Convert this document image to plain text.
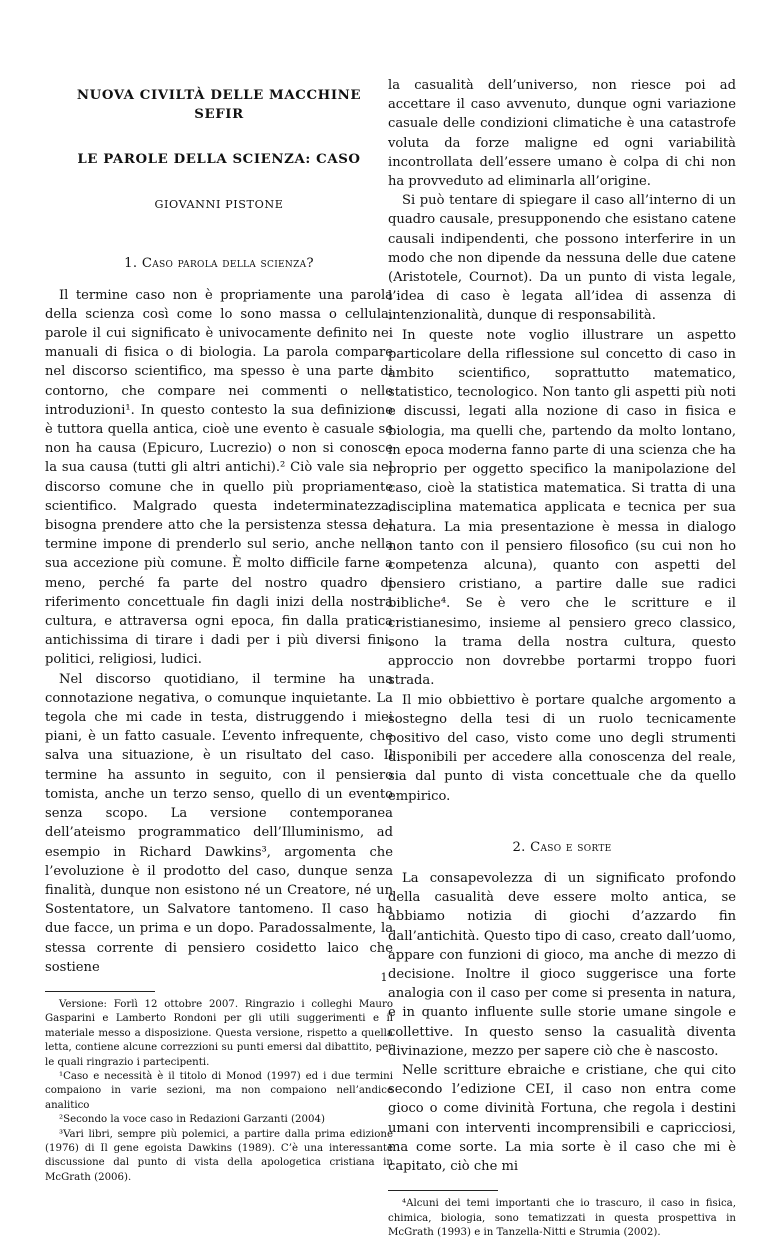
NUOVA CIVILTÀ DELLE MACCHINE
SEFIR
LE PAROLE DELLA SCIENZA: CASO
GIOVANNI PISTONE
1. Caso parola della scienza?

Il termine caso non è propriamente una parola della scienza così come lo sono massa o cellula, parole il cui significato è univocamente definito nei manuali di fisica o di biologia. La parola compare nel discorso scientifico, ma spesso è una parte di contorno, che compare nei commenti o nelle introduzioni¹. In questo contesto la sua definizione è tuttora quella antica, cioè une evento è casuale se non ha causa (Epicuro, Lucrezio) o non si conosce la sua causa (tutti gli altri antichi).² Ciò vale sia nel discorso comune che in quello più propriamente scientifico. Malgrado questa indeterminatezza, bisogna prendere atto che la persistenza stessa del termine impone di prenderlo sul serio, anche nella sua accezione più comune. È molto difficile farne a meno, perché fa parte del nostro quadro di riferimento concettuale fin dagli inizi della nostra cultura, e attraversa ogni epoca, fin dalla pratica antichissima di tirare i dadi per i più diversi fini, politici, religiosi, ludici.

Nel discorso quotidiano, il termine ha una connotazione negativa, o comunque inquietante. La tegola che mi cade in testa, distruggendo i miei piani, è un fatto casuale. L’evento infrequente, che salva una situazione, è un risultato del caso. Il termine ha assunto in seguito, con il pensiero tomista, anche un terzo senso, quello di un evento senza scopo. La versione contemporanea dell’ateismo programmatico dell’Illuminismo, ad esempio in Richard Dawkins³, argomenta che l’evoluzione è il prodotto del caso, dunque senza finalità, dunque non esistono né un Creatore, né un Sostentatore, un Salvatore tantomeno. Il caso ha due facce, un prima e un dopo. Paradossalmente, la stessa corrente di pensiero cosidetto laico che sostiene

Versione: Forlì 12 ottobre 2007. Ringrazio i colleghi Mauro Gasparini e Lamberto Rondoni per gli utili suggerimenti e il materiale messo a disposizione. Questa versione, rispetto a quella letta, contiene alcune correzzioni su punti emersi dal dibattito, per le quali ringrazio i partecipenti.

¹Caso e necessità è il titolo di Monod (1997) ed i due termini compaiono in varie sezioni, ma non compaiono nell’andice analitico

²Secondo la voce caso in Redazioni Garzanti (2004)

³Vari libri, sempre più polemici, a partire dalla prima edizione (1976) di Il gene egoista Dawkins (1989). C’è una interessante discussione dal punto di vista della apologetica cristiana in McGrath (2006).

la casualità dell’universo, non riesce poi ad accettare il caso avvenuto, dunque ogni variazione casuale delle condizioni climatiche è una catastrofe voluta da forze maligne ed ogni variabilità incontrollata dell’essere umano è colpa di chi non ha provveduto ad eliminarla all’origine.

Si può tentare di spiegare il caso all’interno di un quadro causale, presupponendo che esistano catene causali indipendenti, che possono interferire in un modo che non dipende da nessuna delle due catene (Aristotele, Cournot). Da un punto di vista legale, l’idea di caso è legata all’idea di assenza di intenzionalità, dunque di responsabilità.

In queste note voglio illustrare un aspetto particolare della riflessione sul concetto di caso in ambito scientifico, soprattutto matematico, statistico, tecnologico. Non tanto gli aspetti più noti e discussi, legati alla nozione di caso in fisica e biologia, ma quelli che, partendo da molto lontano, in epoca moderna fanno parte di una scienza che ha proprio per oggetto specifico la manipolazione del caso, cioè la statistica matematica. Si tratta di una disciplina matematica applicata e tecnica per sua natura. La mia presentazione è messa in dialogo non tanto con il pensiero filosofico (su cui non ho competenza alcuna), quanto con aspetti del pensiero cristiano, a partire dalle sue radici bibliche⁴. Se è vero che le scritture e il cristianesimo, insieme al pensiero greco classico, sono la trama della nostra cultura, questo approccio non dovrebbe portarmi troppo fuori strada.

Il mio obbiettivo è portare qualche argomento a sostegno della tesi di un ruolo tecnicamente positivo del caso, visto come uno degli strumenti disponibili per accedere alla conoscenza del reale, sia dal punto di vista concettuale che da quello empirico.

2. Caso e sorte

La consapevolezza di un significato profondo della casualità deve essere molto antica, se abbiamo notizia di giochi d’azzardo fin dall’antichità. Questo tipo di caso, creato dall’uomo, appare con funzioni di gioco, ma anche di mezzo di decisione. Inoltre il gioco suggerisce una forte analogia con il caso per come si presenta in natura, e in quanto influente sulle storie umane singole e collettive. In questo senso la casualità diventa divinazione, mezzo per sapere ciò che è nascosto.

Nelle scritture ebraiche e cristiane, che qui cito secondo l’edizione CEI, il caso non entra come gioco o come divinità Fortuna, che regola i destini umani con interventi incomprensibili e capricciosi, ma come sorte. La mia sorte è il caso che mi è capitato, ciò che mi

⁴Alcuni dei temi importanti che io trascuro, il caso in fisica, chimica, biologia, sono tematizzati in questa prospettiva in McGrath (1993) e in Tanzella-Nitti e Strumia (2002).

1
